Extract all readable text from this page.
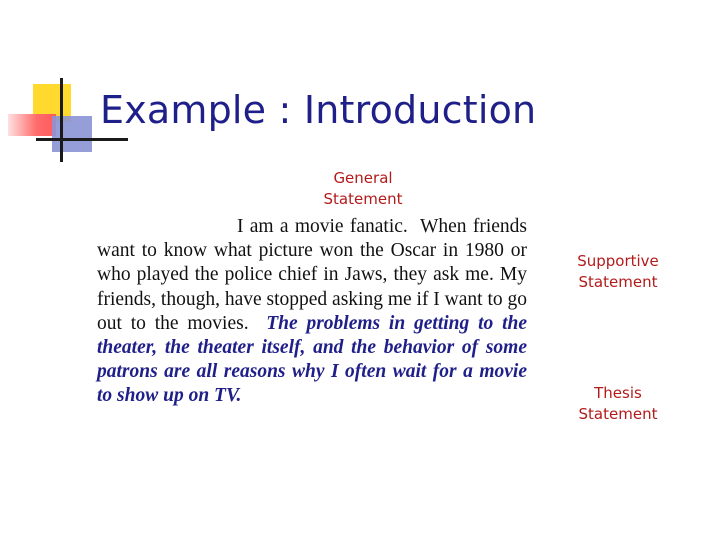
Example : Introduction
General Statement

I am a movie fanatic. When friends want to know what picture won the Oscar in 1980 or who played the police chief in Jaws, they ask me. My friends, though, have stopped asking me if I want to go out to the movies. The problems in getting to the theater, the theater itself, and the behavior of some patrons are all reasons why I often wait for a movie to show up on TV.

Supportive Statement
Thesis Statement
